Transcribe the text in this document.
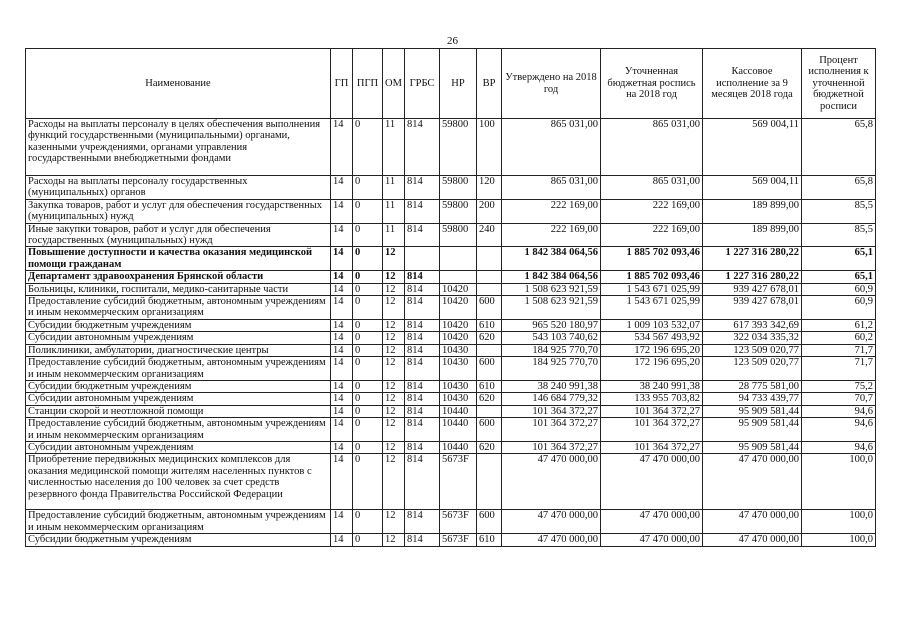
26
Наименование	ГП	ПГП	ОМ	ГРБС	НР	ВР	Утверждено на 2018 год	Уточненная бюджетная роспись на 2018 год	Кассовое исполнение за 9 месяцев 2018 года	Процент исполнения к уточненной бюджетной росписи
Расходы на выплаты персоналу в целях обеспечения выполнения функций государственными (муниципальными) органами, казенными учреждениями, органами управления государственными внебюджетными фондами	14	0	11	814	59800	100	865 031,00	865 031,00	569 004,11	65,8
Расходы на выплаты персоналу государственных (муниципальных) органов	14	0	11	814	59800	120	865 031,00	865 031,00	569 004,11	65,8
Закупка товаров, работ и услуг для обеспечения государственных (муниципальных) нужд	14	0	11	814	59800	200	222 169,00	222 169,00	189 899,00	85,5
Иные закупки товаров, работ и услуг для обеспечения государственных (муниципальных) нужд	14	0	11	814	59800	240	222 169,00	222 169,00	189 899,00	85,5
Повышение доступности и качества оказания медицинской помощи гражданам	14	0	12				1 842 384 064,56	1 885 702 093,46	1 227 316 280,22	65,1
Департамент здравоохранения Брянской области	14	0	12	814			1 842 384 064,56	1 885 702 093,46	1 227 316 280,22	65,1
Больницы, клиники, госпитали, медико-санитарные части	14	0	12	814	10420		1 508 623 921,59	1 543 671 025,99	939 427 678,01	60,9
Предоставление субсидий бюджетным, автономным учреждениям и иным некоммерческим организациям	14	0	12	814	10420	600	1 508 623 921,59	1 543 671 025,99	939 427 678,01	60,9
Субсидии бюджетным учреждениям	14	0	12	814	10420	610	965 520 180,97	1 009 103 532,07	617 393 342,69	61,2
Субсидии автономным учреждениям	14	0	12	814	10420	620	543 103 740,62	534 567 493,92	322 034 335,32	60,2
Поликлиники, амбулатории, диагностические центры	14	0	12	814	10430		184 925 770,70	172 196 695,20	123 509 020,77	71,7
Предоставление субсидий бюджетным, автономным учреждениям и иным некоммерческим организациям	14	0	12	814	10430	600	184 925 770,70	172 196 695,20	123 509 020,77	71,7
Субсидии бюджетным учреждениям	14	0	12	814	10430	610	38 240 991,38	38 240 991,38	28 775 581,00	75,2
Субсидии автономным учреждениям	14	0	12	814	10430	620	146 684 779,32	133 955 703,82	94 733 439,77	70,7
Станции скорой и неотложной помощи	14	0	12	814	10440		101 364 372,27	101 364 372,27	95 909 581,44	94,6
Предоставление субсидий бюджетным, автономным учреждениям и иным некоммерческим организациям	14	0	12	814	10440	600	101 364 372,27	101 364 372,27	95 909 581,44	94,6
Субсидии автономным учреждениям	14	0	12	814	10440	620	101 364 372,27	101 364 372,27	95 909 581,44	94,6
Приобретение передвижных медицинских комплексов для оказания медицинской помощи жителям населенных пунктов с численностью населения до 100 человек за счет средств резервного фонда Правительства Российской Федерации	14	0	12	814	5673F		47 470 000,00	47 470 000,00	47 470 000,00	100,0
Предоставление субсидий бюджетным, автономным учреждениям и иным некоммерческим организациям	14	0	12	814	5673F	600	47 470 000,00	47 470 000,00	47 470 000,00	100,0
Субсидии бюджетным учреждениям	14	0	12	814	5673F	610	47 470 000,00	47 470 000,00	47 470 000,00	100,0
